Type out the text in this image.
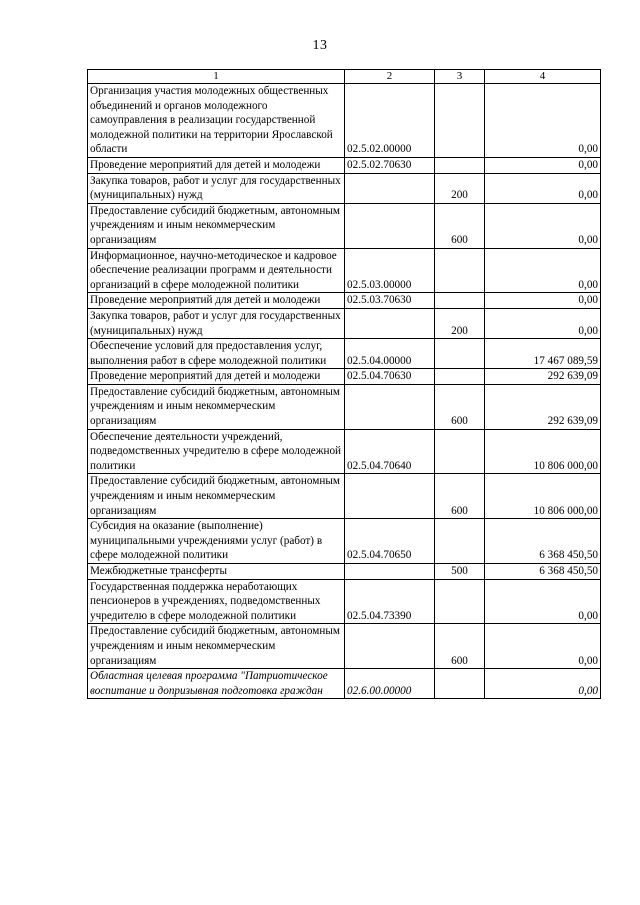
13
1	2	3	4
Организация участия молодежных общественных объединений и органов молодежного самоуправления в реализации государственной молодежной политики на территории Ярославской области	02.5.02.00000		0,00
Проведение мероприятий для детей и молодежи	02.5.02.70630		0,00
Закупка товаров, работ и услуг для государственных (муниципальных) нужд		200	0,00
Предоставление субсидий бюджетным, автономным учреждениям и иным некоммерческим организациям		600	0,00
Информационное, научно-методическое и кадровое обеспечение реализации программ и деятельности организаций в сфере молодежной политики	02.5.03.00000		0,00
Проведение мероприятий для детей и молодежи	02.5.03.70630		0,00
Закупка товаров, работ и услуг для государственных (муниципальных) нужд		200	0,00
Обеспечение условий для предоставления услуг, выполнения работ в сфере молодежной политики	02.5.04.00000		17 467 089,59
Проведение мероприятий для детей и молодежи	02.5.04.70630		292 639,09
Предоставление субсидий бюджетным, автономным учреждениям и иным некоммерческим организациям		600	292 639,09
Обеспечение деятельности учреждений, подведомственных учредителю в сфере молодежной политики	02.5.04.70640		10 806 000,00
Предоставление субсидий бюджетным, автономным учреждениям и иным некоммерческим организациям		600	10 806 000,00
Субсидия на оказание (выполнение) муниципальными учреждениями услуг (работ) в сфере молодежной политики	02.5.04.70650		6 368 450,50
Межбюджетные трансферты		500	6 368 450,50
Государственная поддержка неработающих пенсионеров в учреждениях, подведомственных учредителю в сфере молодежной политики	02.5.04.73390		0,00
Предоставление субсидий бюджетным, автономным учреждениям и иным некоммерческим организациям		600	0,00
Областная целевая программа "Патриотическое воспитание и допризывная подготовка граждан	02.6.00.00000		0,00
